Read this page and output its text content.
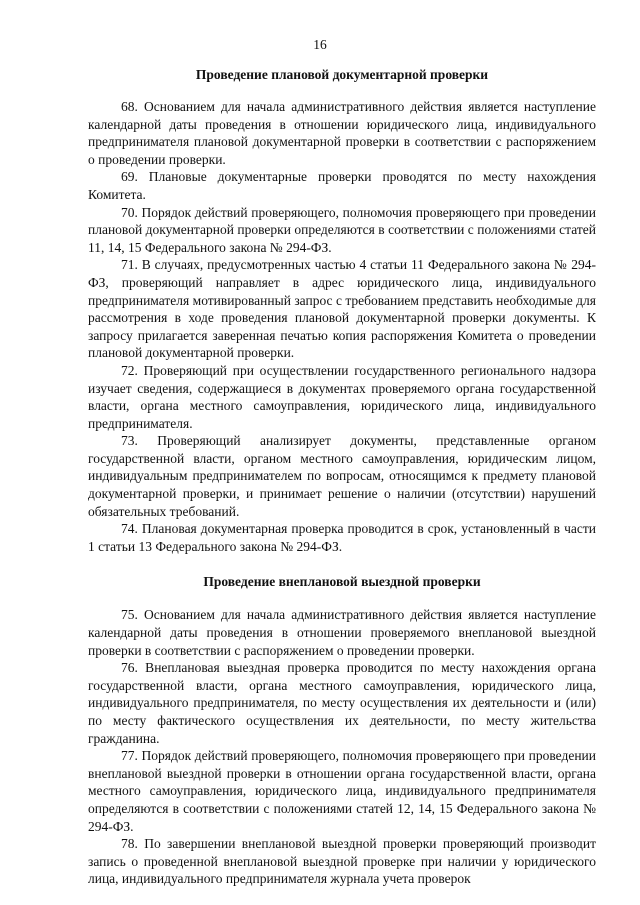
16
Проведение плановой документарной проверки

68. Основанием для начала административного действия является наступление календарной даты проведения в отношении юридического лица, индивидуального предпринимателя плановой документарной проверки в соответствии с распоряжением о проведении проверки.

69. Плановые документарные проверки проводятся по месту нахождения Комитета.

70. Порядок действий проверяющего, полномочия проверяющего при проведении плановой документарной проверки определяются в соответствии с положениями статей 11, 14, 15 Федерального закона № 294-ФЗ.

71. В случаях, предусмотренных частью 4 статьи 11 Федерального закона № 294-ФЗ, проверяющий направляет в адрес юридического лица, индивидуального предпринимателя мотивированный запрос с требованием представить необходимые для рассмотрения в ходе проведения плановой документарной проверки документы. К запросу прилагается заверенная печатью копия распоряжения Комитета о проведении плановой документарной проверки.

72. Проверяющий при осуществлении государственного регионального надзора изучает сведения, содержащиеся в документах проверяемого органа государственной власти, органа местного самоуправления, юридического лица, индивидуального предпринимателя.

73. Проверяющий анализирует документы, представленные органом государственной власти, органом местного самоуправления, юридическим лицом, индивидуальным предпринимателем по вопросам, относящимся к предмету плановой документарной проверки, и принимает решение о наличии (отсутствии) нарушений обязательных требований.

74. Плановая документарная проверка проводится в срок, установленный в части 1 статьи 13 Федерального закона № 294-ФЗ.

Проведение внеплановой выездной проверки

75. Основанием для начала административного действия является наступление календарной даты проведения в отношении проверяемого внеплановой выездной проверки в соответствии с распоряжением о проведении проверки.

76. Внеплановая выездная проверка проводится по месту нахождения органа государственной власти, органа местного самоуправления, юридического лица, индивидуального предпринимателя, по месту осуществления их деятельности и (или) по месту фактического осуществления их деятельности, по месту жительства гражданина.

77. Порядок действий проверяющего, полномочия проверяющего при проведении внеплановой выездной проверки в отношении органа государственной власти, органа местного самоуправления, юридического лица, индивидуального предпринимателя определяются в соответствии с положениями статей 12, 14, 15 Федерального закона № 294-ФЗ.

78. По завершении внеплановой выездной проверки проверяющий производит запись о проведенной внеплановой выездной проверке при наличии у юридического лица, индивидуального предпринимателя журнала учета проверок
